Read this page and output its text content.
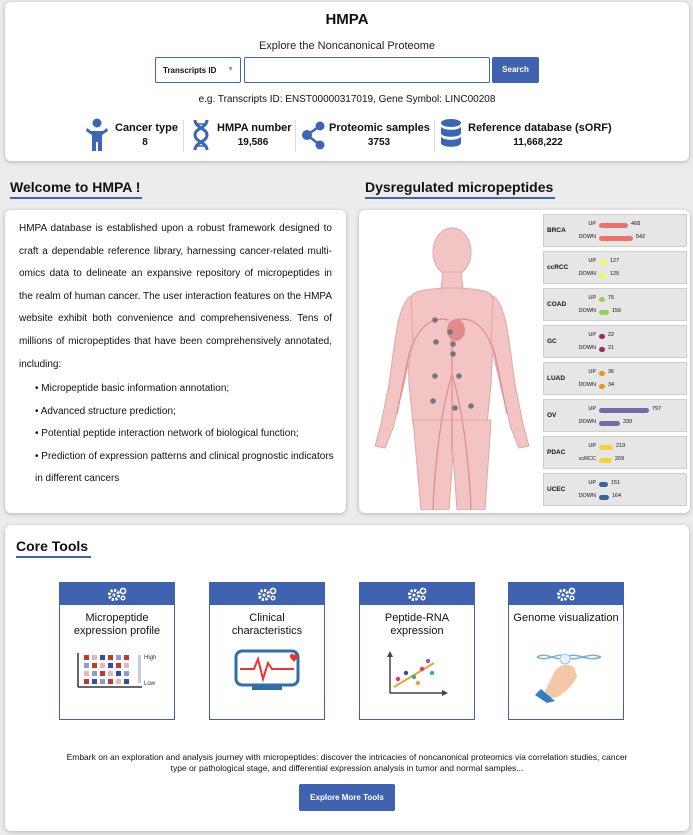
HMPA
Explore the Noncanonical Proteome
Transcripts ID ▼	Search
e.g. Transcripts ID: ENST00000317019, Gene Symbol: LINC00208
Cancer type
8
HMPA number
19,586
Proteomic samples
3753
Reference database (sORF)
11,668,222
Welcome to HMPA !	Dysregulated micropeptides
HMPA database is established upon a robust framework designed to craft a dependable reference library, harnessing cancer-related multi-omics data to delineate an expansive repository of micropeptides in the realm of human cancer. The user interaction features on the HMPA website exhibit both convenience and comprehensiveness. Tens of millions of micropeptides that have been comprehensively annotated, including:
• Micropeptide basic information annotation;
• Advanced structure prediction;
• Potential peptide interaction network of biological function;
• Prediction of expression patterns and clinical prognostic indicators in different cancers
BRCA
UP
DOWN
468
542
ccRCC
UP
DOWN
127
125
COAD
UP
DOWN
75
156
GC
UP
DOWN
22
21
LUAD
UP
DOWN
36
34
OV
UP
DOWN
797
330
PDAC
UP
ccRCC
219
209
UCEC
UP
DOWN
151
164
Core Tools
Micropeptide expression profile
High
Low
Clinical characteristics
Peptide-RNA expression
Genome visualization
Embark on an exploration and analysis journey with micropeptides: discover the intricacies of noncanonical proteomics via correlation studies, cancer type or pathological stage, and differential expression analysis in tumor and normal samples...
Explore More Tools
